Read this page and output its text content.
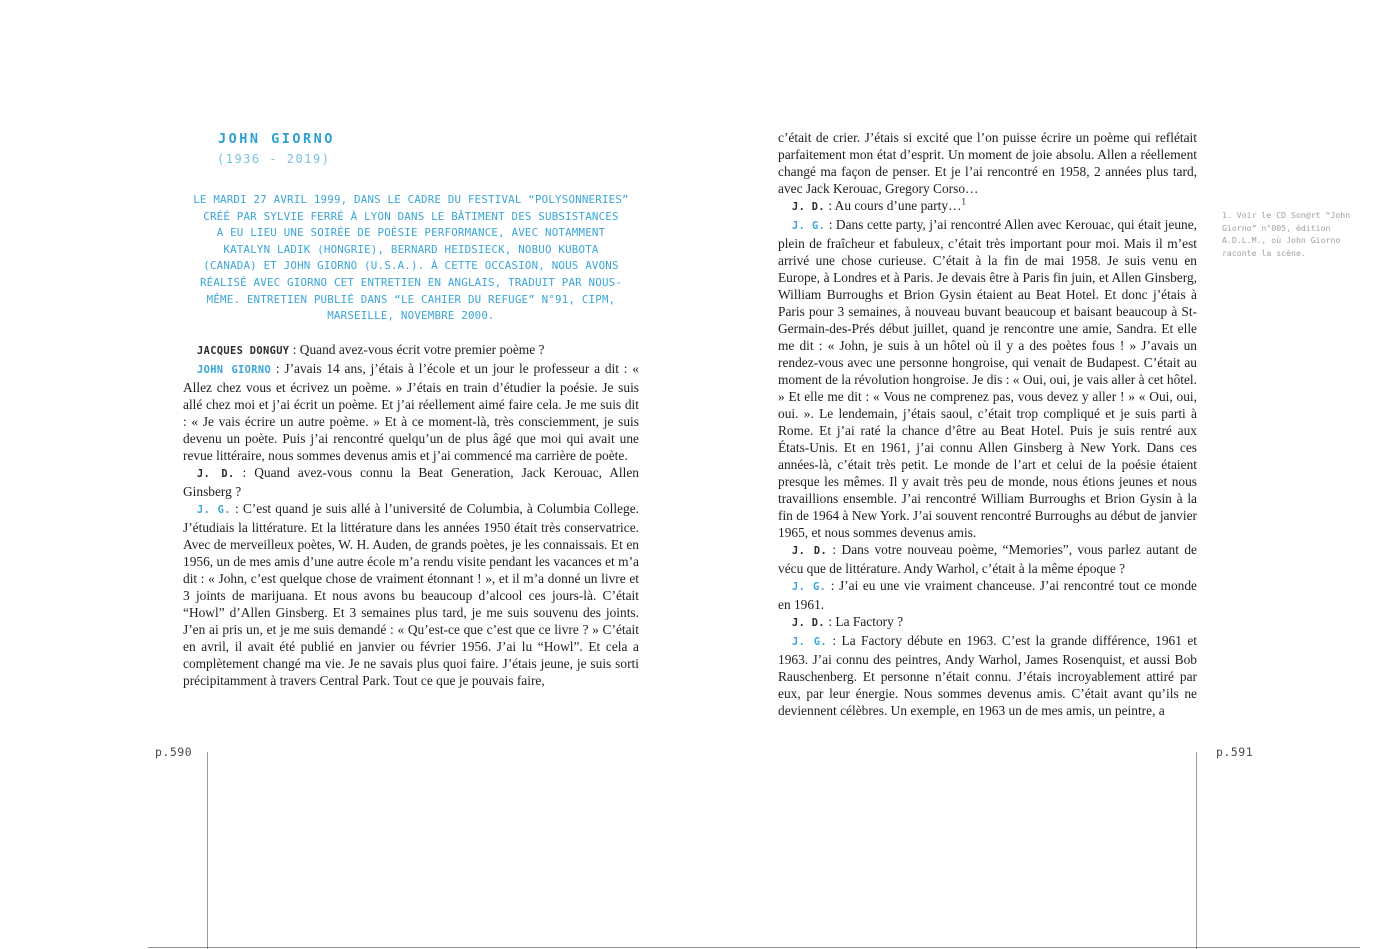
JOHN GIORNO
(1936 - 2019)
LE MARDI 27 AVRIL 1999, DANS LE CADRE DU FESTIVAL “POLYSONNERIES”
CRÉÉ PAR SYLVIE FERRÉ À LYON DANS LE BÂTIMENT DES SUBSISTANCES
A EU LIEU UNE SOIRÉE DE POÉSIE PERFORMANCE, AVEC NOTAMMENT
KATALYN LADIK (HONGRIE), BERNARD HEIDSIECK, NOBUO KUBOTA
(CANADA) ET JOHN GIORNO (U.S.A.). À CETTE OCCASION, NOUS AVONS
RÉALISÉ AVEC GIORNO CET ENTRETIEN EN ANGLAIS, TRADUIT PAR NOUS-
MÊME. ENTRETIEN PUBLIÉ DANS “LE CAHIER DU REFUGE” N°91, CIPM,
MARSEILLE, NOVEMBRE 2000.

JACQUES DONGUY : Quand avez-vous écrit votre premier poème ?

JOHN GIORNO : J’avais 14 ans, j’étais à l’école et un jour le professeur a dit : « Allez chez vous et écrivez un poème. » J’étais en train d’étudier la poésie. Je suis allé chez moi et j’ai écrit un poème. Et j’ai réellement aimé faire cela. Je me suis dit : « Je vais écrire un autre poème. » Et à ce moment-là, très consciemment, je suis devenu un poète. Puis j’ai rencontré quelqu’un de plus âgé que moi qui avait une revue littéraire, nous sommes devenus amis et j’ai commencé ma carrière de poète.

J. D. : Quand avez-vous connu la Beat Generation, Jack Kerouac, Allen Ginsberg ?

J. G. : C’est quand je suis allé à l’université de Columbia, à Columbia College. J’étudiais la littérature. Et la littérature dans les années 1950 était très conservatrice. Avec de merveilleux poètes, W. H. Auden, de grands poètes, je les connaissais. Et en 1956, un de mes amis d’une autre école m’a rendu visite pendant les vacances et m’a dit : « John, c’est quelque chose de vraiment étonnant ! », et il m’a donné un livre et 3 joints de marijuana. Et nous avons bu beaucoup d’alcool ces jours-là. C’était “Howl” d’Allen Ginsberg. Et 3 semaines plus tard, je me suis souvenu des joints. J’en ai pris un, et je me suis demandé : « Qu’est-ce que c’est que ce livre ? » C’était en avril, il avait été publié en janvier ou février 1956. J’ai lu “Howl”. Et cela a complètement changé ma vie. Je ne savais plus quoi faire. J’étais jeune, je suis sorti précipitamment à travers Central Park. Tout ce que je pouvais faire,

p.590

c’était de crier. J’étais si excité que l’on puisse écrire un poème qui reflétait parfaitement mon état d’esprit. Un moment de joie absolu. Allen a réellement changé ma façon de penser. Et je l’ai rencontré en 1958, 2 années plus tard, avec Jack Kerouac, Gregory Corso…

J. D. : Au cours d’une party…$^1$

J. G. : Dans cette party, j’ai rencontré Allen avec Kerouac, qui était jeune, plein de fraîcheur et fabuleux, c’était très important pour moi. Mais il m’est arrivé une chose curieuse. C’était à la fin de mai 1958. Je suis venu en Europe, à Londres et à Paris. Je devais être à Paris fin juin, et Allen Ginsberg, William Burroughs et Brion Gysin étaient au Beat Hotel. Et donc j’étais à Paris pour 3 semaines, à nouveau buvant beaucoup et baisant beaucoup à St-Germain-des-Prés début juillet, quand je rencontre une amie, Sandra. Et elle me dit : « John, je suis à un hôtel où il y a des poètes fous ! » J’avais un rendez-vous avec une personne hongroise, qui venait de Budapest. C’était au moment de la révolution hongroise. Je dis : « Oui, oui, je vais aller à cet hôtel. » Et elle me dit : « Vous ne comprenez pas, vous devez y aller ! » « Oui, oui, oui. ». Le lendemain, j’étais saoul, c’était trop compliqué et je suis parti à Rome. Et j’ai raté la chance d’être au Beat Hotel. Puis je suis rentré aux États-Unis. Et en 1961, j’ai connu Allen Ginsberg à New York. Dans ces années-là, c’était très petit. Le monde de l’art et celui de la poésie étaient presque les mêmes. Il y avait très peu de monde, nous étions jeunes et nous travaillions ensemble. J’ai rencontré William Burroughs et Brion Gysin à la fin de 1964 à New York. J’ai souvent rencontré Burroughs au début de janvier 1965, et nous sommes devenus amis.

J. D. : Dans votre nouveau poème, “Memories”, vous parlez autant de vécu que de littérature. Andy Warhol, c’était à la même époque ?

J. G. : J’ai eu une vie vraiment chanceuse. J’ai rencontré tout ce monde en 1961.

J. D. : La Factory ?

J. G. : La Factory débute en 1963. C’est la grande différence, 1961 et 1963. J’ai connu des peintres, Andy Warhol, James Rosenquist, et aussi Bob Rauschenberg. Et personne n’était connu. J’étais incroyablement attiré par eux, par leur énergie. Nous sommes devenus amis. C’était avant qu’ils ne deviennent célèbres. Un exemple, en 1963 un de mes amis, un peintre, a

1. Voir le CD Son@rt “John Giorno” n°005, édition A.D.L.M., où John Giorno raconte la scène.
p.591
